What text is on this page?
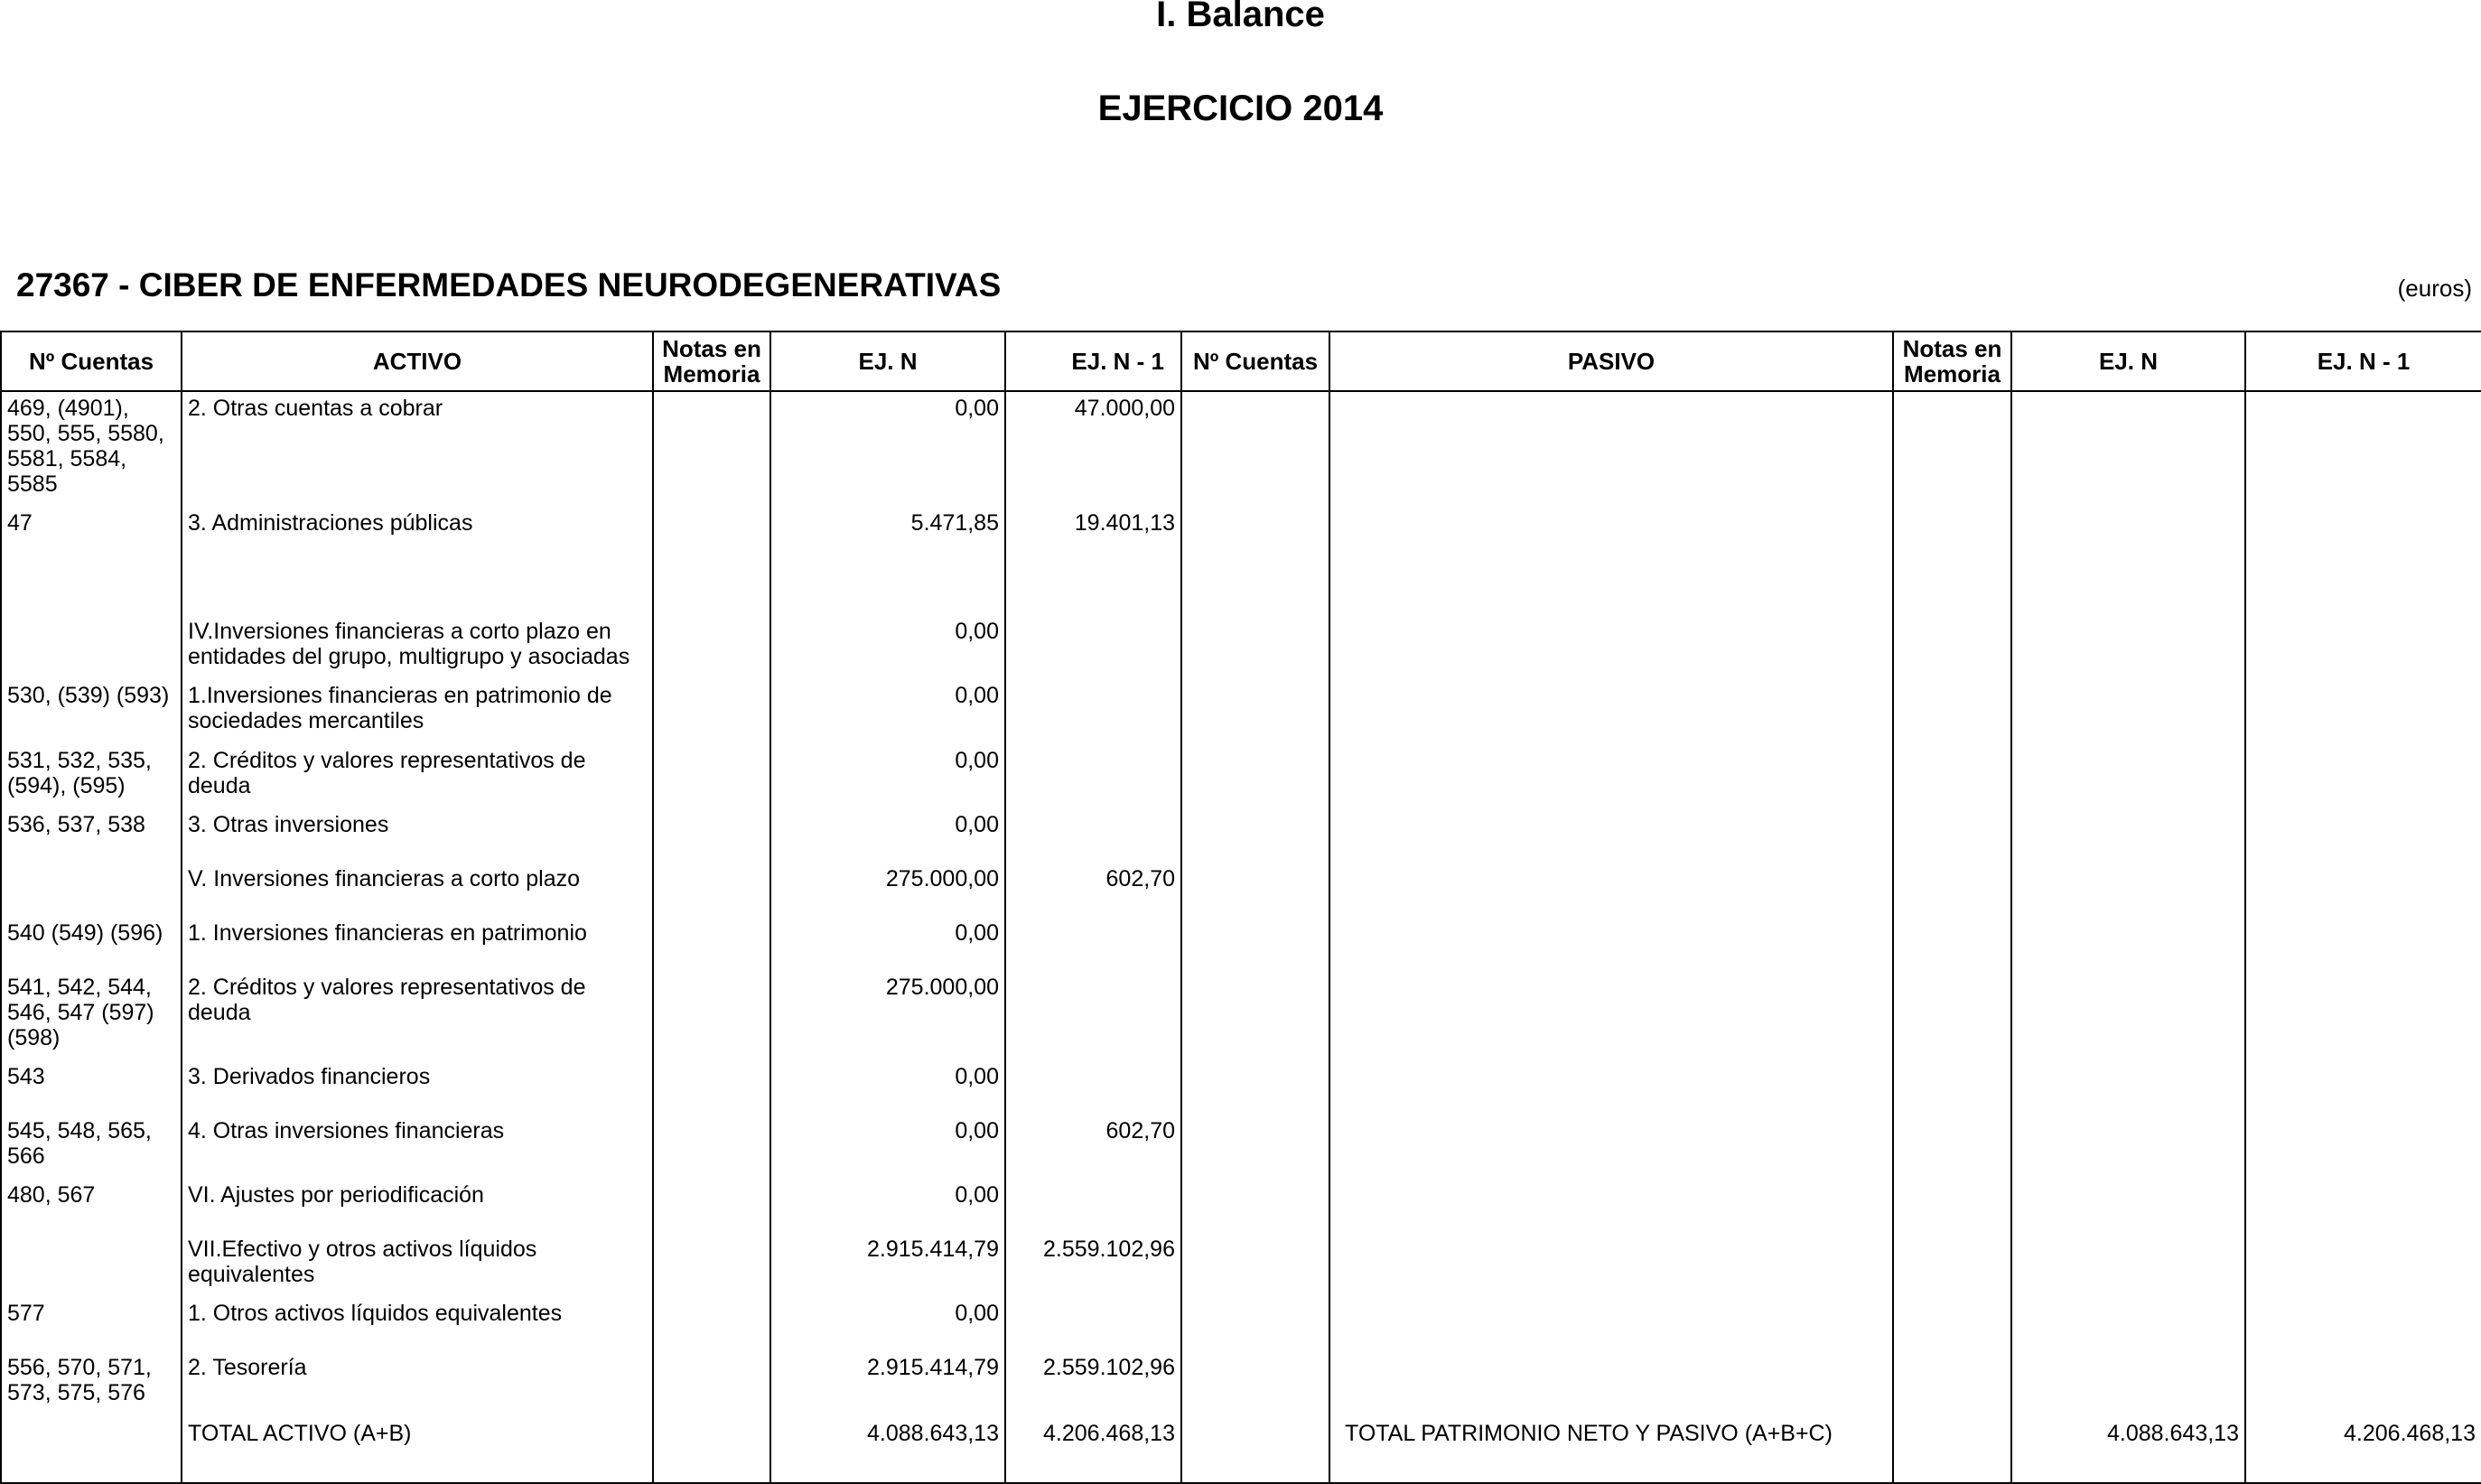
I. Balance
EJERCICIO 2014
27367 - CIBER DE ENFERMEDADES NEURODEGENERATIVAS	(euros)
Nº Cuentas	ACTIVO	Notas en Memoria	EJ. N	EJ. N - 1	Nº Cuentas	PASIVO	Notas en Memoria	EJ. N	EJ. N - 1
469, (4901), 550, 555, 5580, 5581, 5584, 5585	2. Otras cuentas a cobrar		0,00	47.000,00					
47	3. Administraciones públicas		5.471,85	19.401,13					
	IV.Inversiones financieras a corto plazo en entidades del grupo, multigrupo y asociadas		0,00						
530, (539) (593)	1.Inversiones financieras en patrimonio de sociedades mercantiles		0,00						
531, 532, 535, (594), (595)	2. Créditos y valores representativos de deuda		0,00						
536, 537, 538	3. Otras inversiones		0,00						
	V. Inversiones financieras a corto plazo		275.000,00	602,70					
540 (549) (596)	1. Inversiones financieras en patrimonio		0,00						
541, 542, 544, 546, 547 (597) (598)	2. Créditos y valores representativos de deuda		275.000,00						
543	3. Derivados financieros		0,00						
545, 548, 565, 566	4. Otras inversiones financieras		0,00	602,70					
480, 567	VI. Ajustes por periodificación		0,00						
	VII.Efectivo y otros activos líquidos equivalentes		2.915.414,79	2.559.102,96					
577	1. Otros activos líquidos equivalentes		0,00						
556, 570, 571, 573, 575, 576	2. Tesorería		2.915.414,79	2.559.102,96					
	TOTAL ACTIVO (A+B)		4.088.643,13	4.206.468,13		TOTAL PATRIMONIO NETO Y PASIVO (A+B+C)		4.088.643,13	4.206.468,13
